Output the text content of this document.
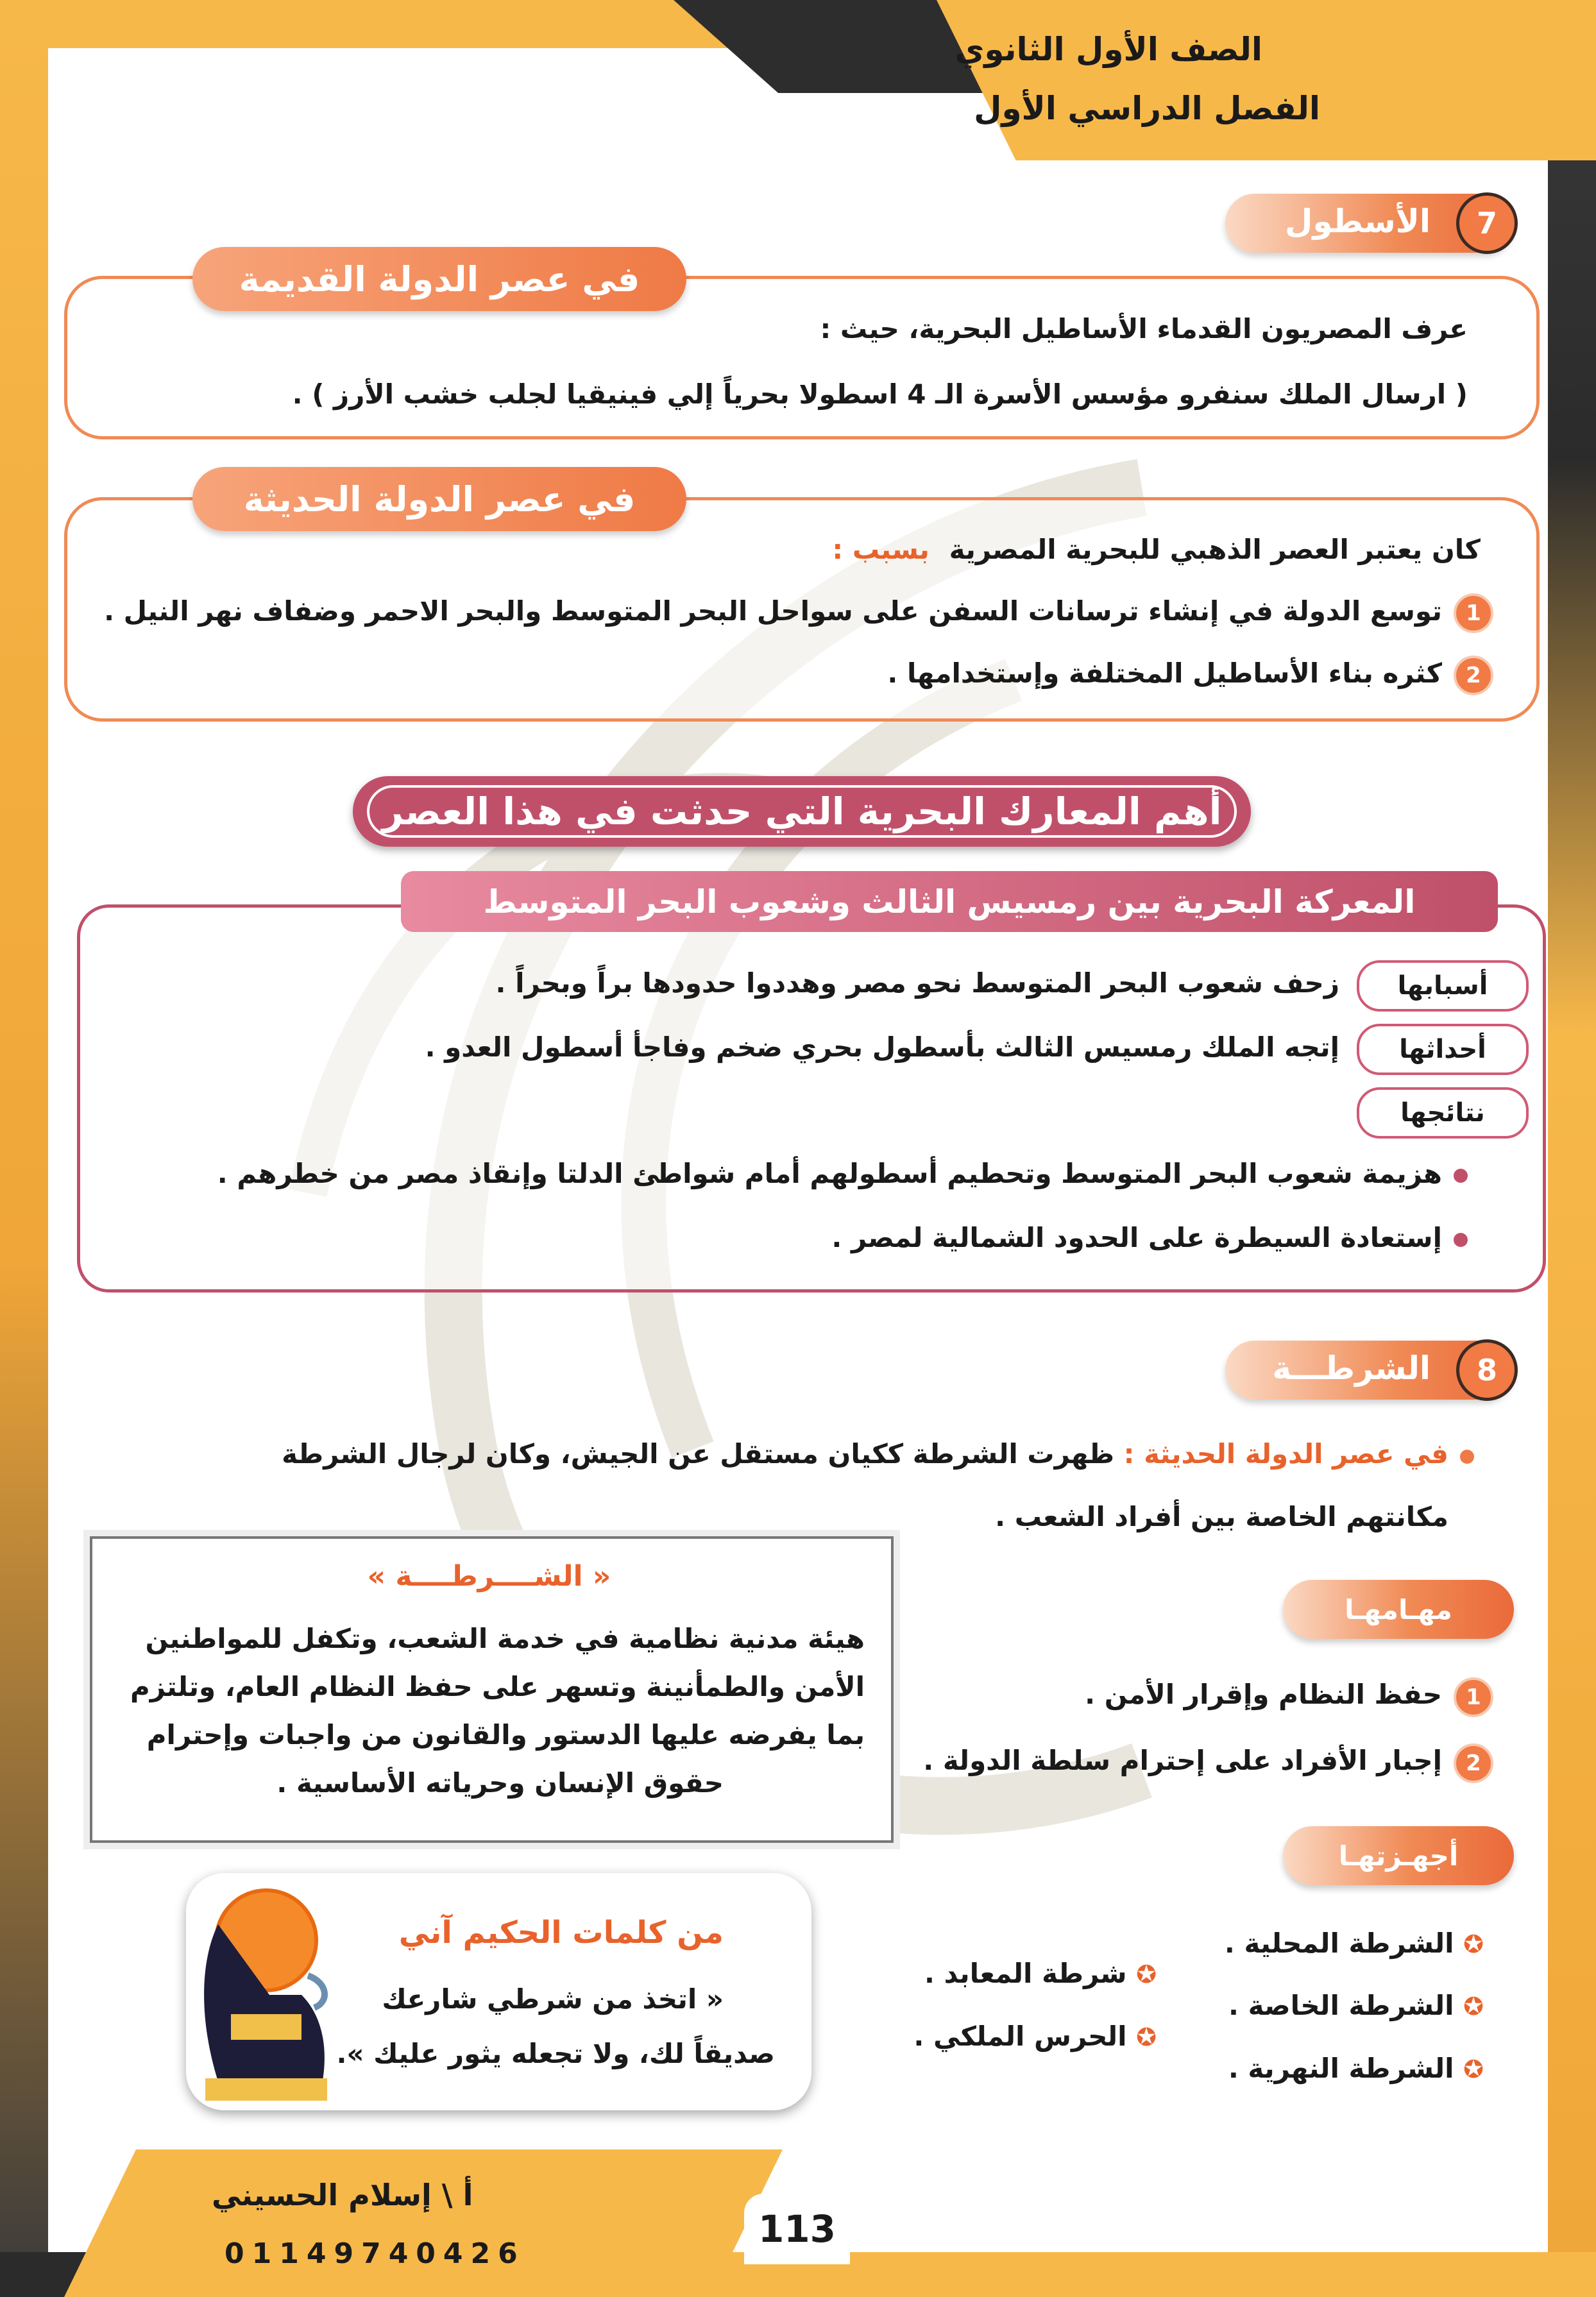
الصف الأول الثانوي
الفصل الدراسي الأول
الأسطول	7
في عصر الدولة القديمة
عرف المصريون القدماء الأساطيل البحرية، حيث :
( ارسال الملك سنفرو مؤسس الأسرة الـ 4 اسطولا بحرياً إلي فينيقيا لجلب خشب الأرز ) .
في عصر الدولة الحديثة
كان يعتبر العصر الذهبي للبحرية المصرية بسبب :
1
توسع الدولة في إنشاء ترسانات السفن على سواحل البحر المتوسط والبحر الاحمر وضفاف نهر النيل .
2
كثره بناء الأساطيل المختلفة وإستخدامها .
أهم المعارك البحرية التي حدثت في هذا العصر
المعركة البحرية بين رمسيس الثالث وشعوب البحر المتوسط
أسبابها
زحف شعوب البحر المتوسط نحو مصر وهددوا حدودها براً وبحراً .
أحداثها
إتجه الملك رمسيس الثالث بأسطول بحري ضخم وفاجأ أسطول العدو .
نتائجها
هزيمة شعوب البحر المتوسط وتحطيم أسطولهم أمام شواطئ الدلتا وإنقاذ مصر من خطرهم .
إستعادة السيطرة على الحدود الشمالية لمصر .
الشرطـــة	8
في عصر الدولة الحديثة : ظهرت الشرطة ككيان مستقل عن الجيش، وكان لرجال الشرطة
مكانتهم الخاصة بين أفراد الشعب .
« الشــــرطــــة »
هيئة مدنية نظامية في خدمة الشعب، وتكفل للمواطنين
الأمن والطمأنينة وتسهر على حفظ النظام العام، وتلتزم
بما يفرضه عليها الدستور والقانون من واجبات وإحترام
حقوق الإنسان وحرياته الأساسية .
مهـامهـا
1
حفظ النظام وإقرار الأمن .
2
إجبار الأفراد على إحترام سلطة الدولة .
أجهـزتهـا
✪ الشرطة المحلية .
✪ الشرطة الخاصة .
✪ الشرطة النهرية .
✪ شرطة المعابد .
✪ الحرس الملكي .
من كلمات الحكيم آني
« اتخذ من شرطي شارعك
صديقاً لك، ولا تجعله يثور عليك ».
أ \ إسلام الحسيني
01149740426
113
